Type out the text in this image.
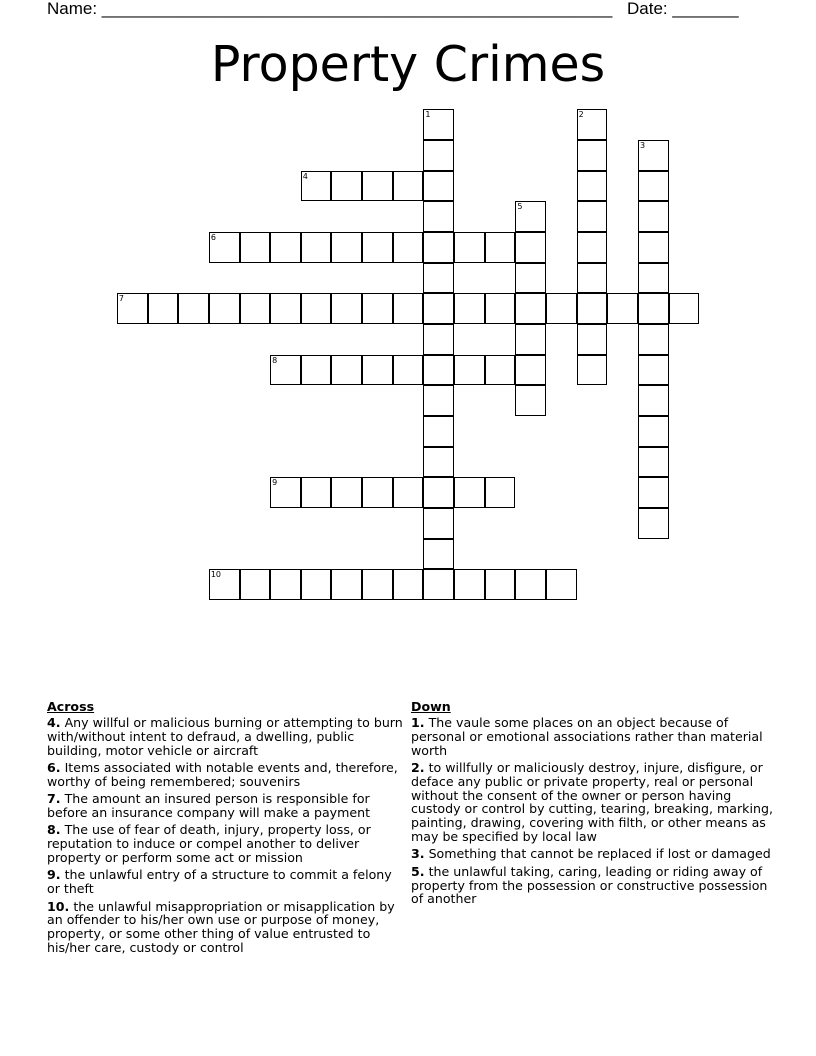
Name: ______________________________________________________ Date: _______
Property Crimes
4
6
7
8
9
10
1	2
3
5
Across
4. Any willful or malicious burning or attempting to burn with/without intent to defraud, a dwelling, public building, motor vehicle or aircraft
6. Items associated with notable events and, therefore, worthy of being remembered; souvenirs
7. The amount an insured person is responsible for before an insurance company will make a payment
8. The use of fear of death, injury, property loss, or reputation to induce or compel another to deliver property or perform some act or mission
9. the unlawful entry of a structure to commit a felony or theft
10. the unlawful misappropriation or misapplication by an offender to his/her own use or purpose of money, property, or some other thing of value entrusted to his/her care, custody or control
Down
1. The vaule some places on an object because of personal or emotional associations rather than material worth
2. to willfully or maliciously destroy, injure, disfigure, or deface any public or private property, real or personal without the consent of the owner or person having custody or control by cutting, tearing, breaking, marking, painting, drawing, covering with filth, or other means as may be specified by local law
3. Something that cannot be replaced if lost or damaged
5. the unlawful taking, caring, leading or riding away of property from the possession or constructive possession of another
